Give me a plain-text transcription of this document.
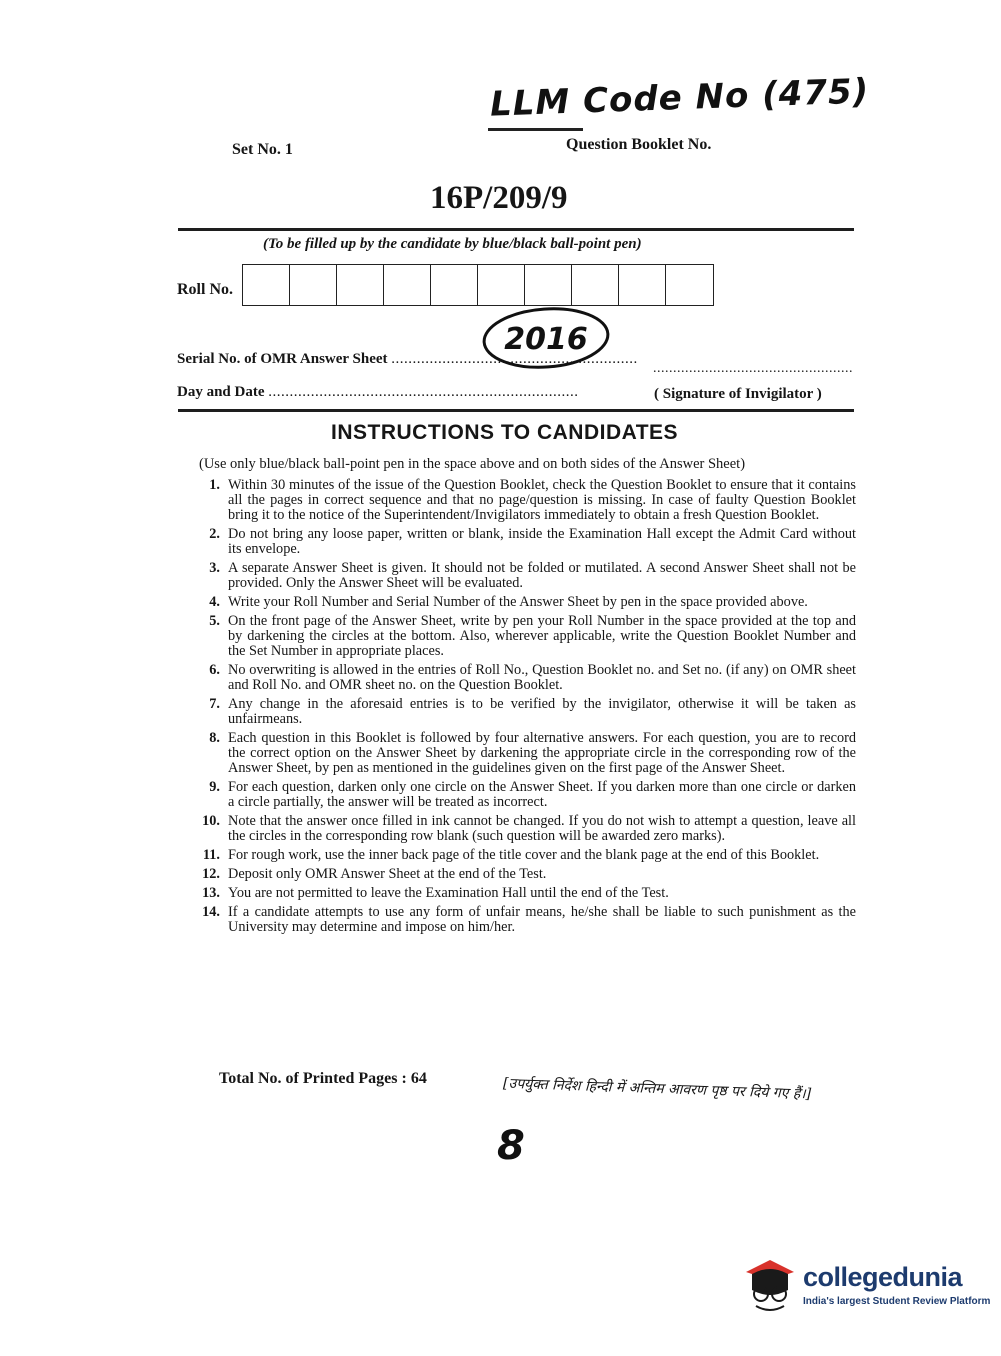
LLM Code No (475)
Set No. 1	Question Booklet No.
16P/209/9
(To be filled up by the candidate by blue/black ball-point pen)
Roll No.
Serial No. of OMR Answer Sheet ..........................................................
2016
Day and Date .........................................................................
..................................................
( Signature of Invigilator )
INSTRUCTIONS TO CANDIDATES
(Use only blue/black ball-point pen in the space above and on both sides of the Answer Sheet)
1. Within 30 minutes of the issue of the Question Booklet, check the Question Booklet to ensure that it contains all the pages in correct sequence and that no page/question is missing. In case of faulty Question Booklet bring it to the notice of the Superintendent/Invigilators immediately to obtain a fresh Question Booklet.
2. Do not bring any loose paper, written or blank, inside the Examination Hall except the Admit Card without its envelope.
3. A separate Answer Sheet is given. It should not be folded or mutilated. A second Answer Sheet shall not be provided. Only the Answer Sheet will be evaluated.
4. Write your Roll Number and Serial Number of the Answer Sheet by pen in the space provided above.
5. On the front page of the Answer Sheet, write by pen your Roll Number in the space provided at the top and by darkening the circles at the bottom. Also, wherever applicable, write the Question Booklet Number and the Set Number in appropriate places.
6. No overwriting is allowed in the entries of Roll No., Question Booklet no. and Set no. (if any) on OMR sheet and Roll No. and OMR sheet no. on the Question Booklet.
7. Any change in the aforesaid entries is to be verified by the invigilator, otherwise it will be taken as unfairmeans.
8. Each question in this Booklet is followed by four alternative answers. For each question, you are to record the correct option on the Answer Sheet by darkening the appropriate circle in the corresponding row of the Answer Sheet, by pen as mentioned in the guidelines given on the first page of the Answer Sheet.
9. For each question, darken only one circle on the Answer Sheet. If you darken more than one circle or darken a circle partially, the answer will be treated as incorrect.
10. Note that the answer once filled in ink cannot be changed. If you do not wish to attempt a question, leave all the circles in the corresponding row blank (such question will be awarded zero marks).
11. For rough work, use the inner back page of the title cover and the blank page at the end of this Booklet.
12. Deposit only OMR Answer Sheet at the end of the Test.
13. You are not permitted to leave the Examination Hall until the end of the Test.
14. If a candidate attempts to use any form of unfair means, he/she shall be liable to such punishment as the University may determine and impose on him/her.
Total No. of Printed Pages : 64	[उपर्युक्त निर्देश हिन्दी में अन्तिम आवरण पृष्ठ पर दिये गए हैं।]
8
collegedunia
India's largest Student Review Platform
